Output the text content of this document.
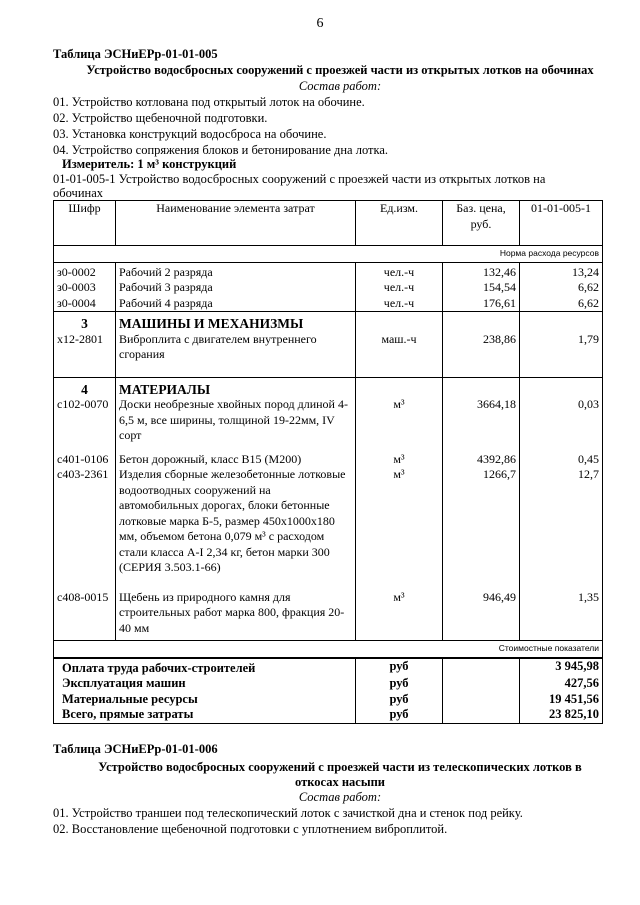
6
Таблица ЭСНиЕРр-01-01-005
Устройство водосбросных сооружений с проезжей части из открытых лотков на обочинах
Состав работ:
01. Устройство котлована под открытый лоток на обочине.
02. Устройство щебеночной подготовки.
03. Установка конструкций водосброса на обочине.
04. Устройство сопряжения блоков и бетонирование дна лотка.
Измеритель: 1 м³ конструкций
01-01-005-1 Устройство водосбросных сооружений с проезжей части из открытых лотков на
обочинах
Шифр	Наименование элемента затрат	Ед.изм.	Баз. цена,
руб.	01-01-005-1
Норма расхода ресурсов				
з0-0002	Рабочий 2 разряда	чел.-ч	132,46	13,24
з0-0003	Рабочий 3 разряда	чел.-ч	154,54	6,62
з0-0004	Рабочий 4 разряда	чел.-ч	176,61	6,62
3	МАШИНЫ И МЕХАНИЗМЫ			
х12-2801	Виброплита с двигателем внутреннего сгорания	маш.-ч	238,86	1,79
4	МАТЕРИАЛЫ			
с102-0070	Доски необрезные хвойных пород длиной 4-6,5 м, все ширины, толщиной 19-22мм, IV сорт	м³	3664,18	0,03
с401-0106	Бетон дорожный, класс В15 (М200)	м³	4392,86	0,45
с403-2361	Изделия сборные железобетонные лотковые водоотводных сооружений на автомобильных дорогах, блоки бетонные лотковые марка Б-5, размер 450х1000х180 мм, объемом бетона 0,079 м³ с расходом стали класса А-I 2,34 кг, бетон марки 300 (СЕРИЯ 3.503.1-66)	м³	1266,7	12,7
с408-0015	Щебень из природного камня для строительных работ марка 800, фракция 20-40 мм	м³	946,49	1,35
Стоимостные показатели				
Оплата труда рабочих-строителей		руб		3 945,98
Эксплуатация машин		руб		427,56
Материальные ресурсы		руб		19 451,56
Всего, прямые затраты		руб		23 825,10
Таблица ЭСНиЕРр-01-01-006
Устройство водосбросных сооружений с проезжей части из телескопических лотков в
откосах насыпи
Состав работ:
01. Устройство траншеи под телескопический лоток с зачисткой дна и стенок под рейку.
02. Восстановление щебеночной подготовки с уплотнением виброплитой.
